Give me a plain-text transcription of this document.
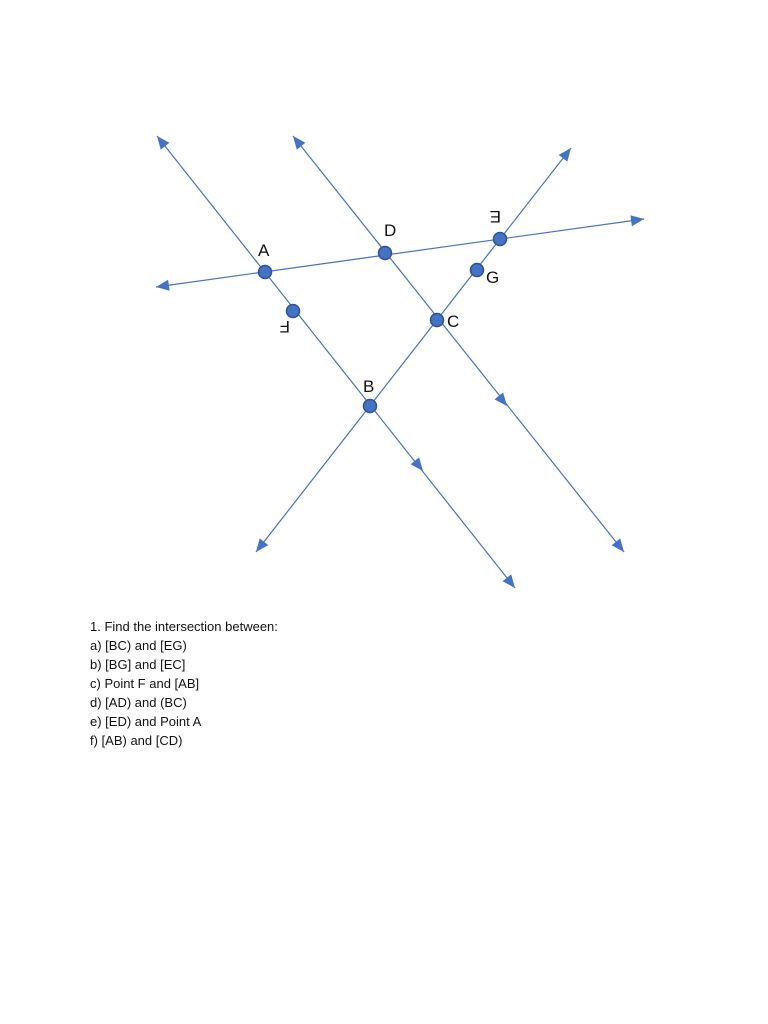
A
B
C
D
E
F
G
1. Find the intersection between:
a) [BC) and [EG)
b) [BG] and [EC]
c) Point F and [AB]
d) [AD) and (BC)
e) [ED) and Point A
f) [AB) and [CD)
